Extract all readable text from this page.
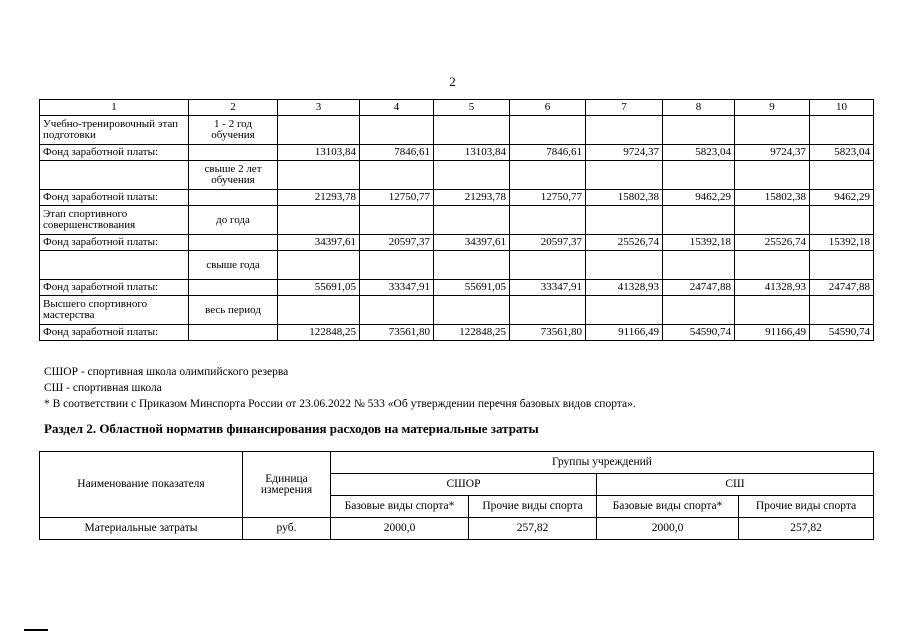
2
1	2	3	4	5	6	7	8	9	10
Учебно-тренировочный этап подготовки	1 - 2 год обучения								
Фонд заработной платы:		13103,84	7846,61	13103,84	7846,61	9724,37	5823,04	9724,37	5823,04
	свыше 2 лет обучения								
Фонд заработной платы:		21293,78	12750,77	21293,78	12750,77	15802,38	9462,29	15802,38	9462,29
Этап спортивного совершенствования	до года								
Фонд заработной платы:		34397,61	20597,37	34397,61	20597,37	25526,74	15392,18	25526,74	15392,18
	свыше года								
Фонд заработной платы:		55691,05	33347,91	55691,05	33347,91	41328,93	24747,88	41328,93	24747,88
Высшего спортивного мастерства	весь период								
Фонд заработной платы:		122848,25	73561,80	122848,25	73561,80	91166,49	54590,74	91166,49	54590,74
СШОР - спортивная школа олимпийского резерва
СШ - спортивная школа
* В соответствии с Приказом Минспорта России от 23.06.2022 № 533 «Об утверждении перечня базовых видов спорта».
Раздел 2. Областной норматив финансирования расходов на материальные затраты
Наименование показателя	Единица измерения	Группы учреждений			
		СШОР		СШ	
		Базовые виды спорта*	Прочие виды спорта	Базовые виды спорта*	Прочие виды спорта
Материальные затраты	руб.	2000,0	257,82	2000,0	257,82
